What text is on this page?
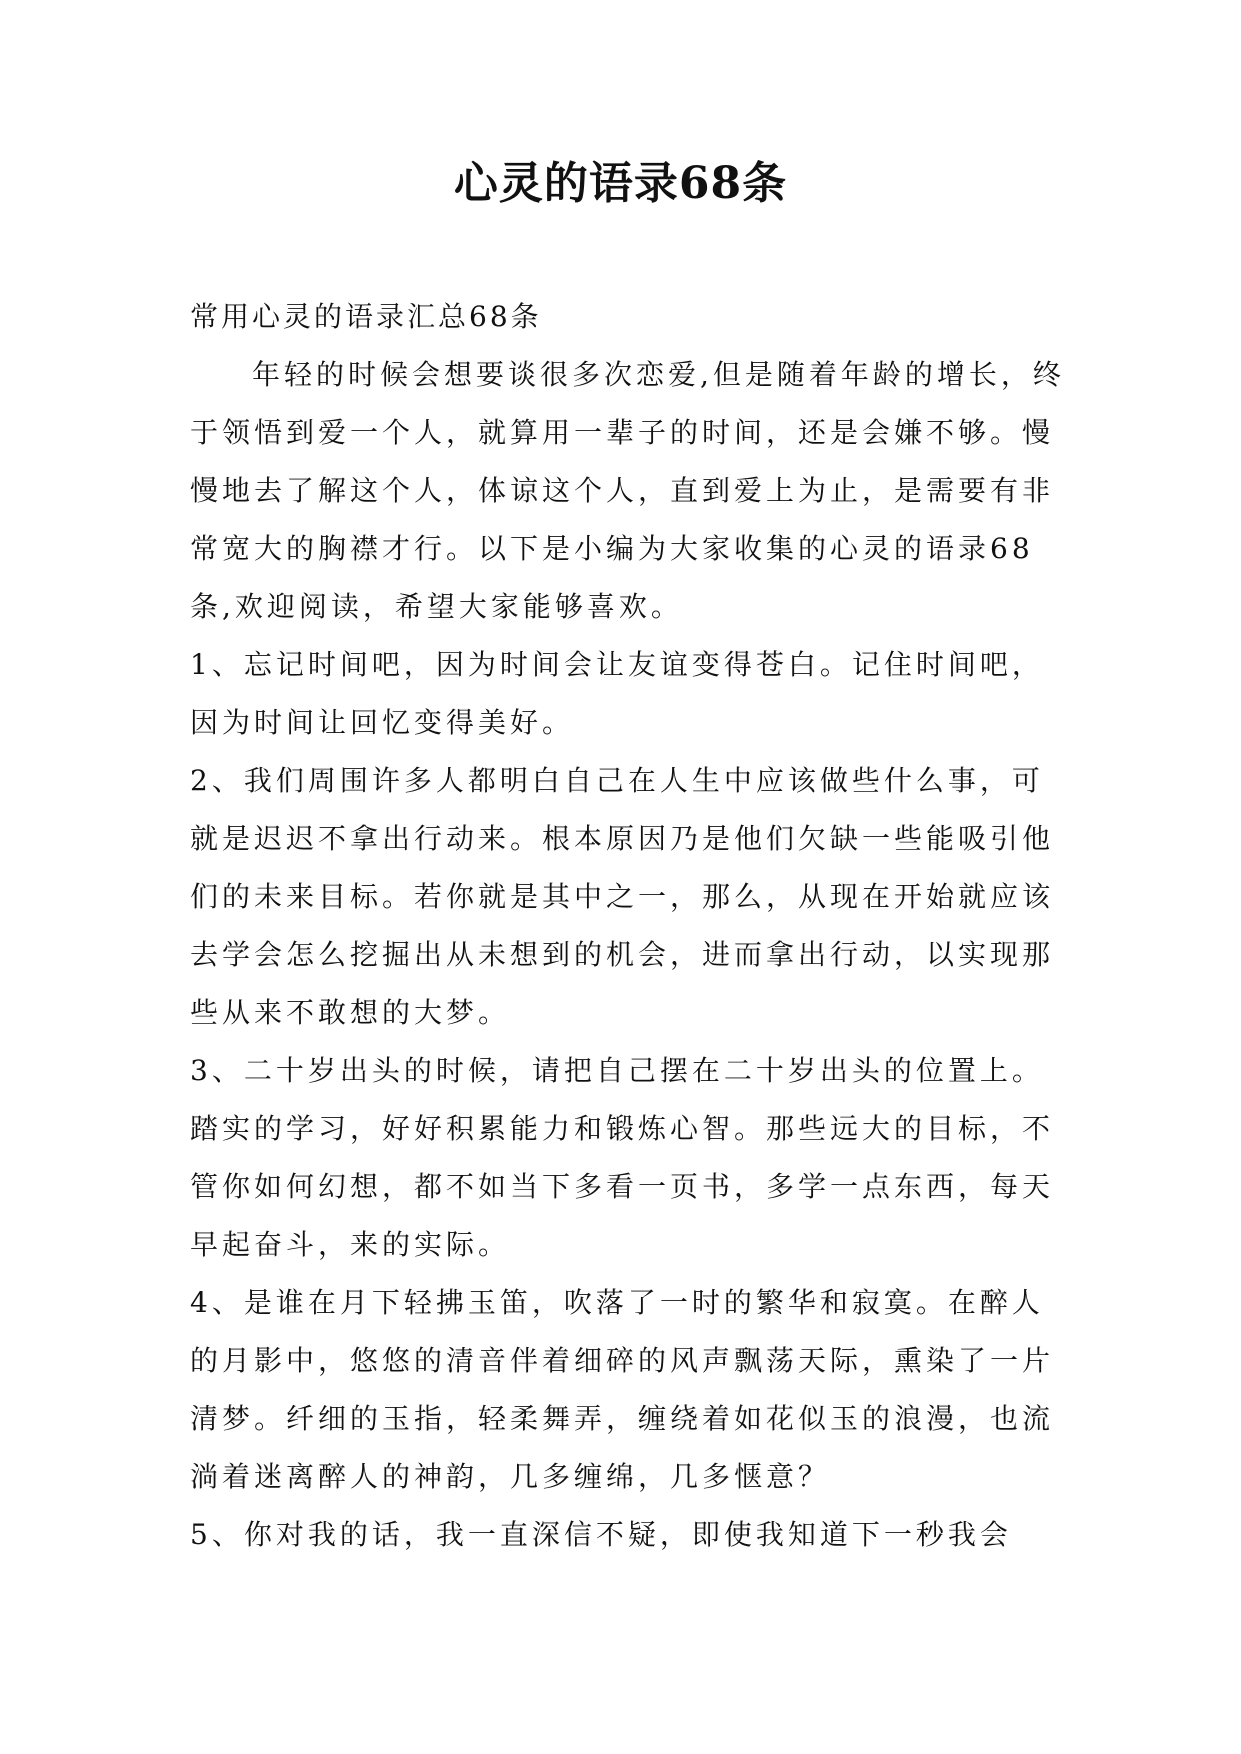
心灵的语录68条

常用心灵的语录汇总68条

年轻的时候会想要谈很多次恋爱,但是随着年龄的增长，终于领悟到爱一个人，就算用一辈子的时间，还是会嫌不够。慢慢地去了解这个人，体谅这个人，直到爱上为止，是需要有非常宽大的胸襟才行。以下是小编为大家收集的心灵的语录68条,欢迎阅读，希望大家能够喜欢。

1、忘记时间吧，因为时间会让友谊变得苍白。记住时间吧，因为时间让回忆变得美好。

2、我们周围许多人都明白自己在人生中应该做些什么事，可就是迟迟不拿出行动来。根本原因乃是他们欠缺一些能吸引他们的未来目标。若你就是其中之一，那么，从现在开始就应该去学会怎么挖掘出从未想到的机会，进而拿出行动，以实现那些从来不敢想的大梦。

3、二十岁出头的时候，请把自己摆在二十岁出头的位置上。踏实的学习，好好积累能力和锻炼心智。那些远大的目标，不管你如何幻想，都不如当下多看一页书，多学一点东西，每天早起奋斗，来的实际。

4、是谁在月下轻拂玉笛，吹落了一时的繁华和寂寞。在醉人的月影中，悠悠的清音伴着细碎的风声飘荡天际，熏染了一片清梦。纤细的玉指，轻柔舞弄，缠绕着如花似玉的浪漫，也流淌着迷离醉人的神韵，几多缠绵，几多惬意？

5、你对我的话，我一直深信不疑，即使我知道下一秒我会
